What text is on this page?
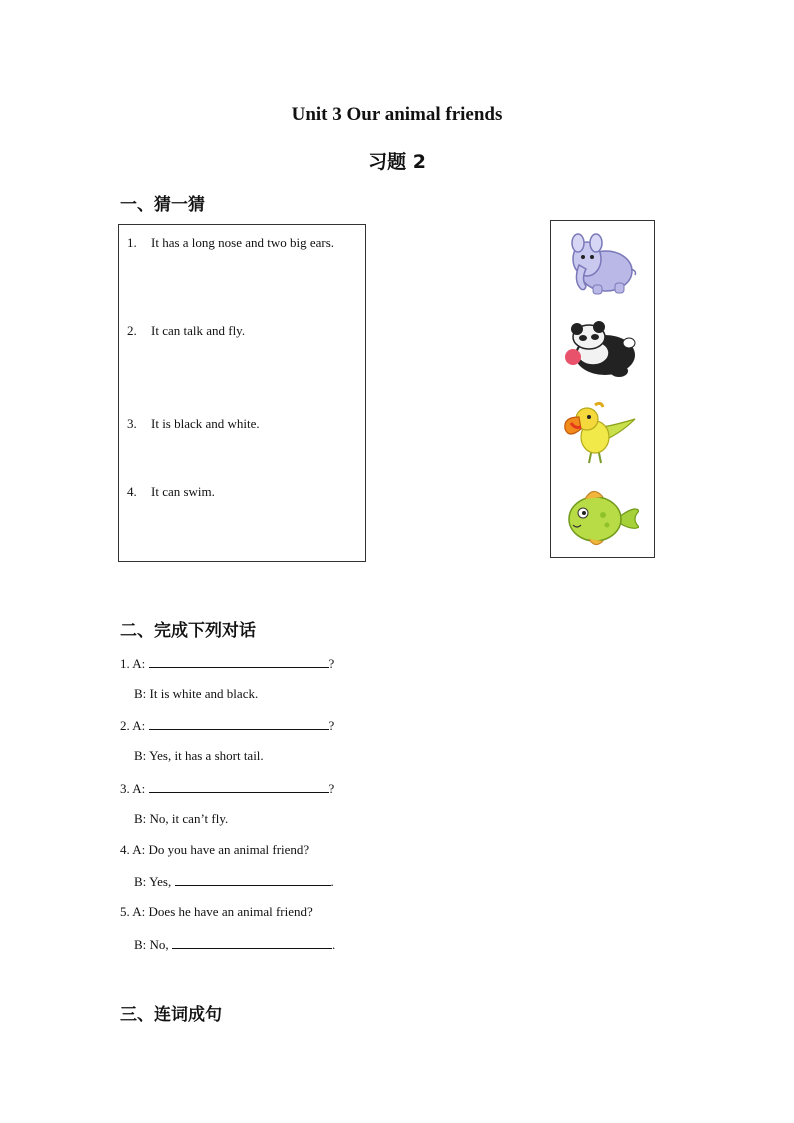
Unit 3 Our animal friends
习题 2
一、猜一猜
1. It has a long nose and two big ears.
2. It can talk and fly.
3. It is black and white.
4. It can swim.
二、完成下列对话
1. A:	?
B: It is white and black.
2. A:	?
B: Yes, it has a short tail.
3. A:	?
B: No, it can’t fly.
4. A: Do you have an animal friend?
B: Yes,	.
5. A: Does he have an animal friend?
B: No,	.
三、连词成句
